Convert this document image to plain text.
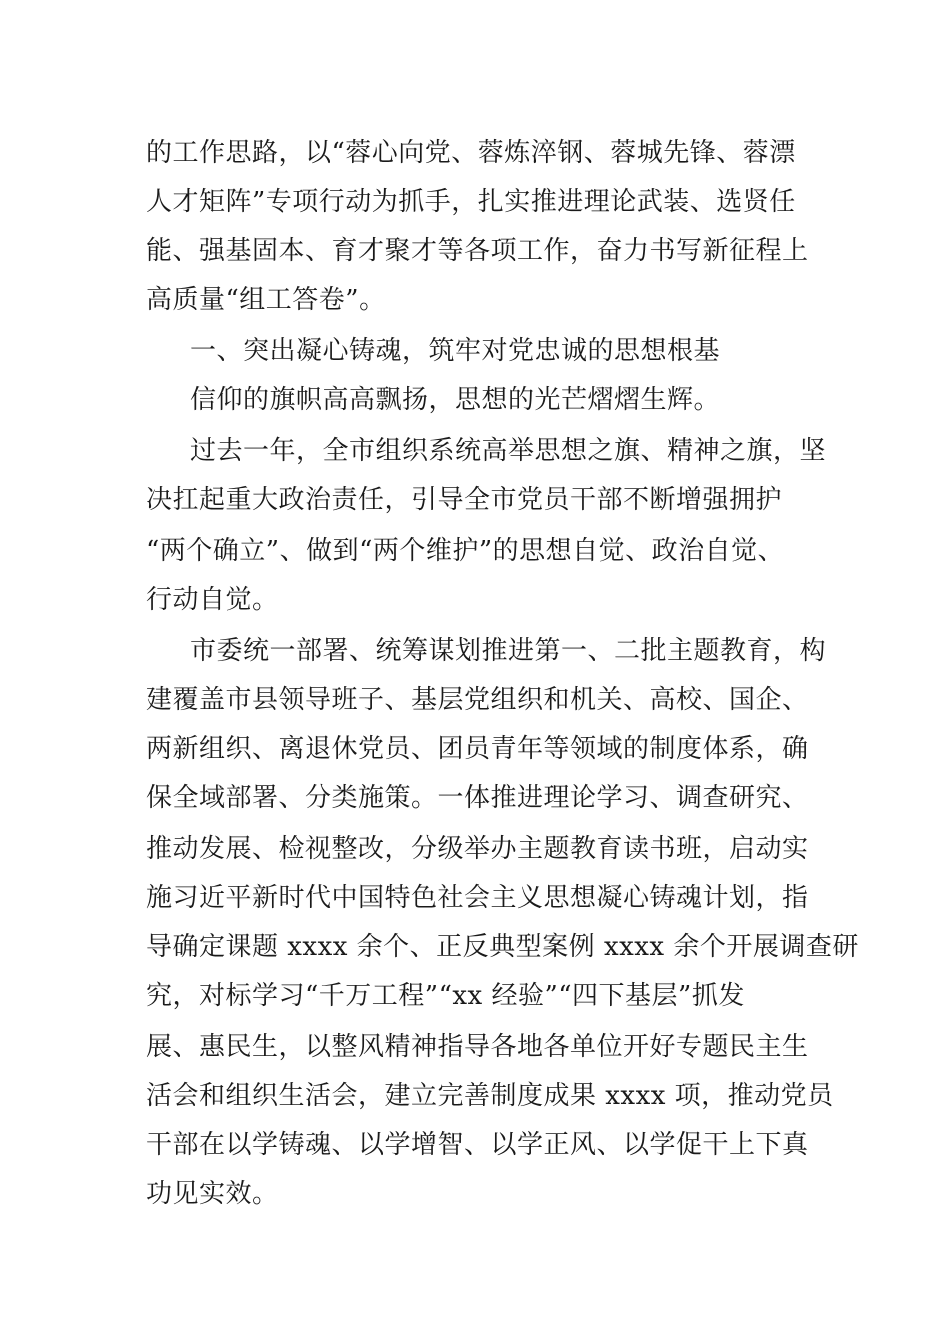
的工作思路，以“蓉心向党、蓉炼淬钢、蓉城先锋、蓉漂

人才矩阵”专项行动为抓手，扎实推进理论武装、选贤任

能、强基固本、育才聚才等各项工作，奋力书写新征程上

高质量“组工答卷”。

一、突出凝心铸魂，筑牢对党忠诚的思想根基

信仰的旗帜高高飘扬，思想的光芒熠熠生辉。

过去一年，全市组织系统高举思想之旗、精神之旗，坚

决扛起重大政治责任，引导全市党员干部不断增强拥护

“两个确立”、做到“两个维护”的思想自觉、政治自觉、

行动自觉。

市委统一部署、统筹谋划推进第一、二批主题教育，构

建覆盖市县领导班子、基层党组织和机关、高校、国企、

两新组织、离退休党员、团员青年等领域的制度体系，确

保全域部署、分类施策。一体推进理论学习、调查研究、

推动发展、检视整改，分级举办主题教育读书班，启动实

施习近平新时代中国特色社会主义思想凝心铸魂计划，指

导确定课题 xxxx 余个、正反典型案例 xxxx 余个开展调查研

究，对标学习“千万工程”“xx 经验”“四下基层”抓发

展、惠民生，以整风精神指导各地各单位开好专题民主生

活会和组织生活会，建立完善制度成果 xxxx 项，推动党员

干部在以学铸魂、以学增智、以学正风、以学促干上下真

功见实效。
